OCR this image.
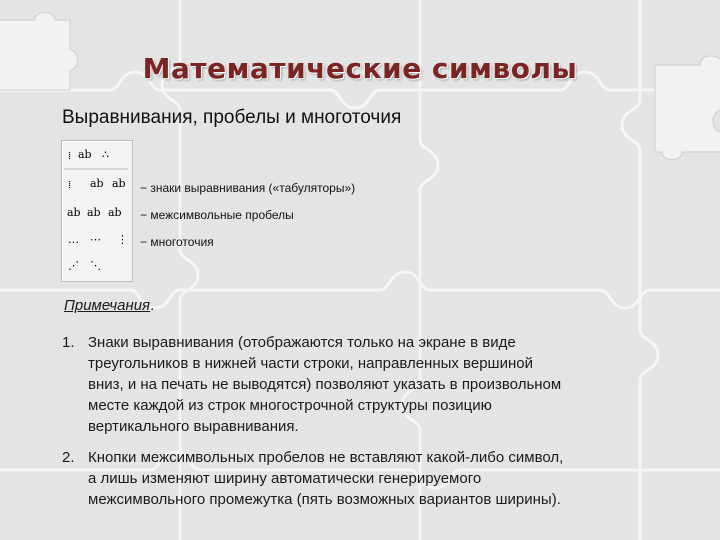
Математические символы
Выравнивания, пробелы и многоточия
⁞ ab ∴
⁞ ab ab
ab ab ab
… ⋯ ⋮
⋰ ⋱
− знаки выравнивания («табуляторы»)
− межсимвольные пробелы
− многоточия
Примечания.
1. Знаки выравнивания (отображаются только на экране в виде
треугольников в нижней части строки, направленных вершиной
вниз, и на печать не выводятся) позволяют указать в произвольном
месте каждой из строк многострочной структуры позицию
вертикального выравнивания.
2. Кнопки межсимвольных пробелов не вставляют какой-либо символ,
а лишь изменяют ширину автоматически генерируемого
межсимвольного промежутка (пять возможных вариантов ширины).
